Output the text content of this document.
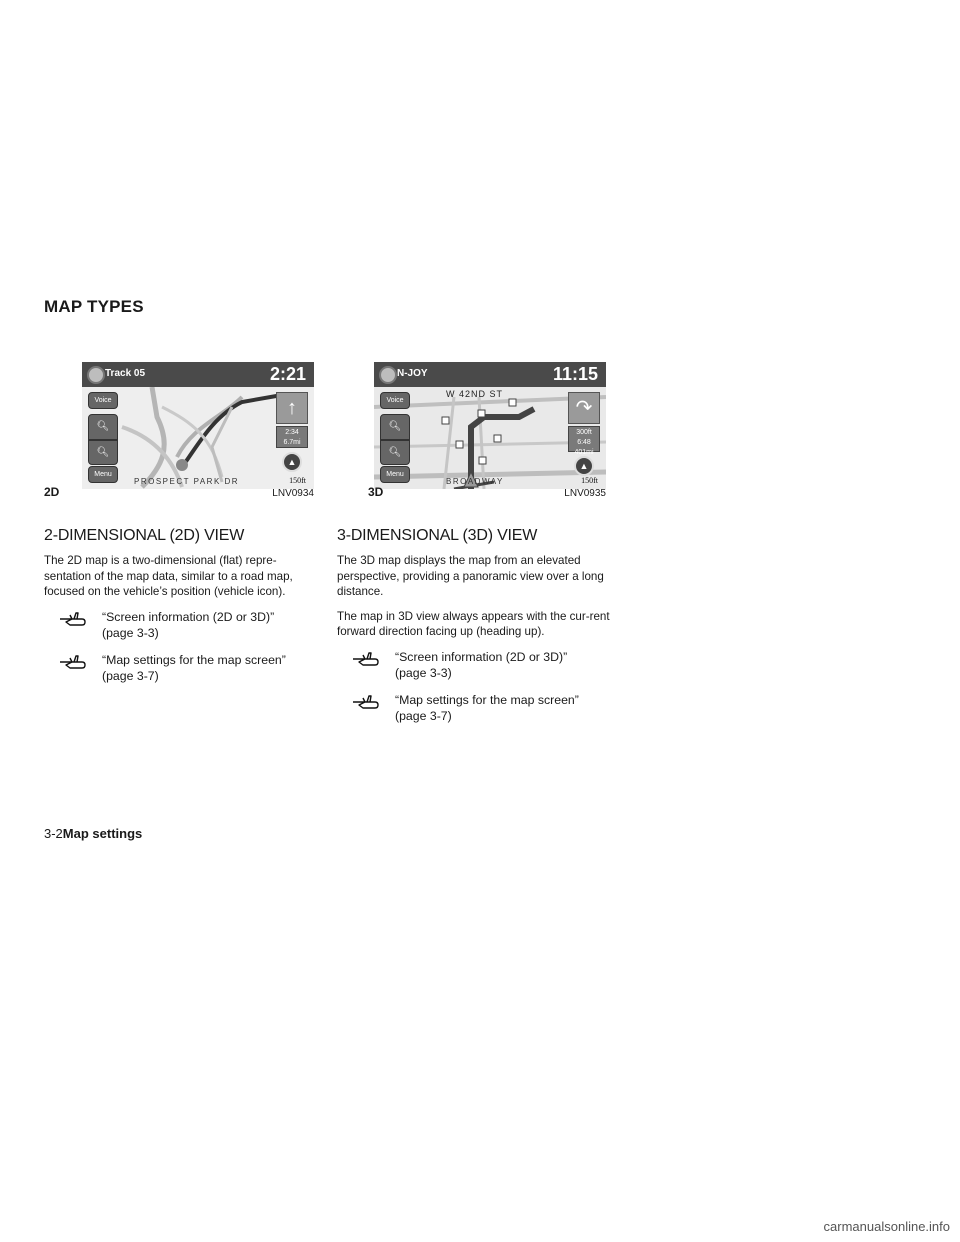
MAP TYPES
Track 05	2:21
Voice
🔍︎
🔍︎
Menu
↑
2:34
6.7mi
▲
PROSPECT PARK DR	150ft
2D	LNV0934
N-JOY	11:15
W 42ND ST
Voice
🔍︎
🔍︎
Menu
↷
300ft
6:48
401mi
▲
BROADWAY	150ft
3D	LNV0935
2-DIMENSIONAL (2D) VIEW

The 2D map is a two-dimensional (flat) repre-sentation of the map data, similar to a road map, focused on the vehicle’s position (vehicle icon).

“Screen information (2D or 3D)”
(page 3-3)
“Map settings for the map screen”
(page 3-7)
3-DIMENSIONAL (3D) VIEW

The 3D map displays the map from an elevated perspective, providing a panoramic view over a long distance.

The map in 3D view always appears with the cur-rent forward direction facing up (heading up).

“Screen information (2D or 3D)”
(page 3-3)
“Map settings for the map screen”
(page 3-7)
3-2Map settings
carmanualsonline.info
